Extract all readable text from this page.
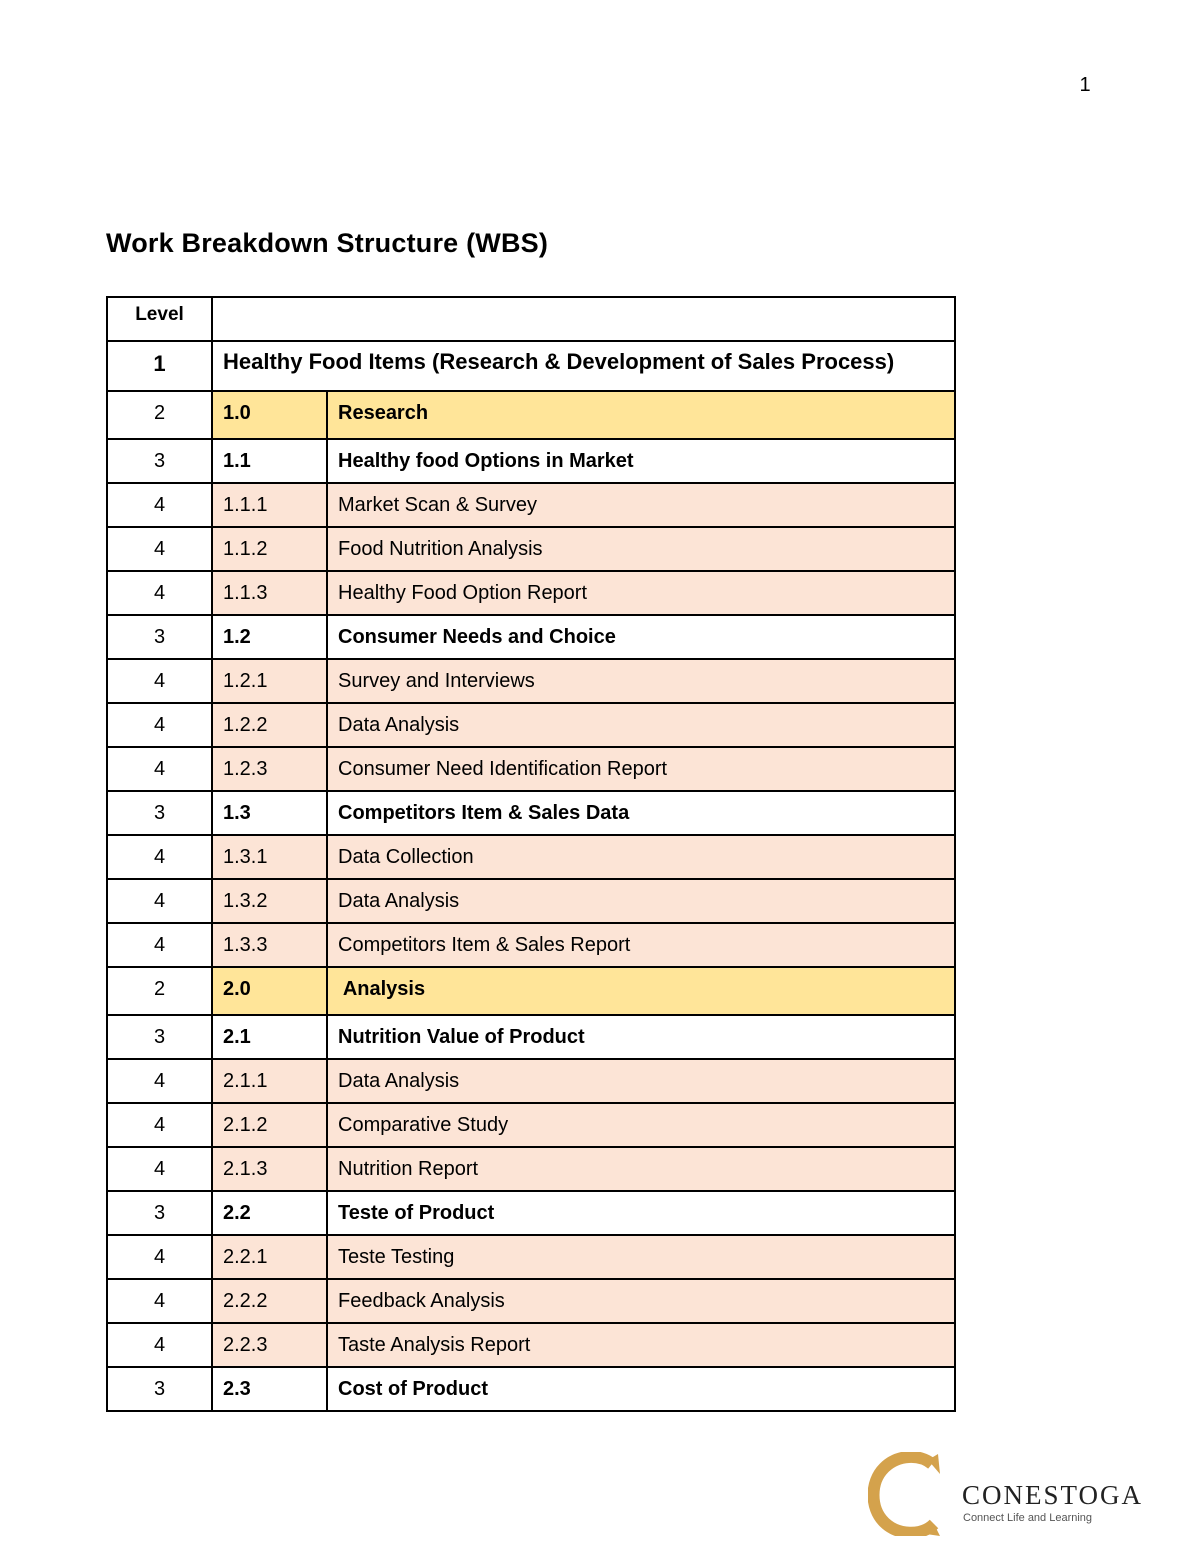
1
Work Breakdown Structure (WBS)
Level		
1	Healthy Food Items (Research & Development of Sales Process)	
2	1.0	Research
3	1.1	Healthy food Options in Market
4	1.1.1	Market Scan & Survey
4	1.1.2	Food Nutrition Analysis
4	1.1.3	Healthy Food Option Report
3	1.2	Consumer Needs and Choice
4	1.2.1	Survey and Interviews
4	1.2.2	Data Analysis
4	1.2.3	Consumer Need Identification Report
3	1.3	Competitors Item & Sales Data
4	1.3.1	Data Collection
4	1.3.2	Data Analysis
4	1.3.3	Competitors Item & Sales Report
2	2.0	Analysis
3	2.1	Nutrition Value of Product
4	2.1.1	Data Analysis
4	2.1.2	Comparative Study
4	2.1.3	Nutrition Report
3	2.2	Teste of Product
4	2.2.1	Teste Testing
4	2.2.2	Feedback Analysis
4	2.2.3	Taste Analysis Report
3	2.3	Cost of Product
CONESTOGA
Connect Life and Learning
